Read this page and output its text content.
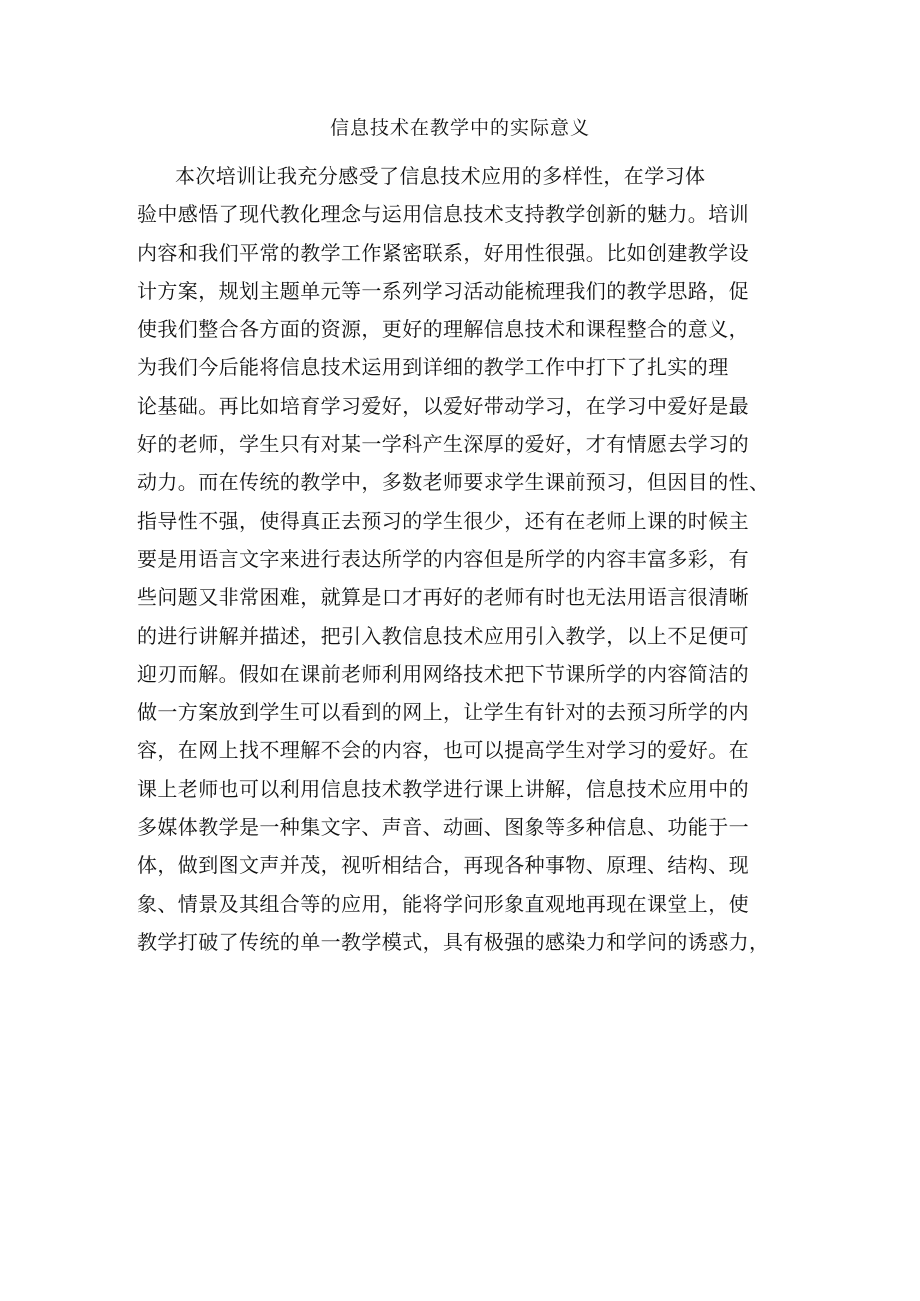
信息技术在教学中的实际意义
本次培训让我充分感受了信息技术应用的多样性，在学习体
验中感悟了现代教化理念与运用信息技术支持教学创新的魅力。培训
内容和我们平常的教学工作紧密联系，好用性很强。比如创建教学设
计方案，规划主题单元等一系列学习活动能梳理我们的教学思路，促
使我们整合各方面的资源，更好的理解信息技术和课程整合的意义，
为我们今后能将信息技术运用到详细的教学工作中打下了扎实的理
论基础。再比如培育学习爱好，以爱好带动学习，在学习中爱好是最
好的老师，学生只有对某一学科产生深厚的爱好，才有情愿去学习的
动力。而在传统的教学中，多数老师要求学生课前预习，但因目的性、
指导性不强，使得真正去预习的学生很少，还有在老师上课的时候主
要是用语言文字来进行表达所学的内容但是所学的内容丰富多彩，有
些问题又非常困难，就算是口才再好的老师有时也无法用语言很清晰
的进行讲解并描述，把引入教信息技术应用引入教学，以上不足便可
迎刃而解。假如在课前老师利用网络技术把下节课所学的内容简洁的
做一方案放到学生可以看到的网上，让学生有针对的去预习所学的内
容，在网上找不理解不会的内容，也可以提高学生对学习的爱好。在
课上老师也可以利用信息技术教学进行课上讲解，信息技术应用中的
多媒体教学是一种集文字、声音、动画、图象等多种信息、功能于一
体，做到图文声并茂，视听相结合，再现各种事物、原理、结构、现
象、情景及其组合等的应用，能将学问形象直观地再现在课堂上，使
教学打破了传统的单一教学模式，具有极强的感染力和学问的诱惑力，
